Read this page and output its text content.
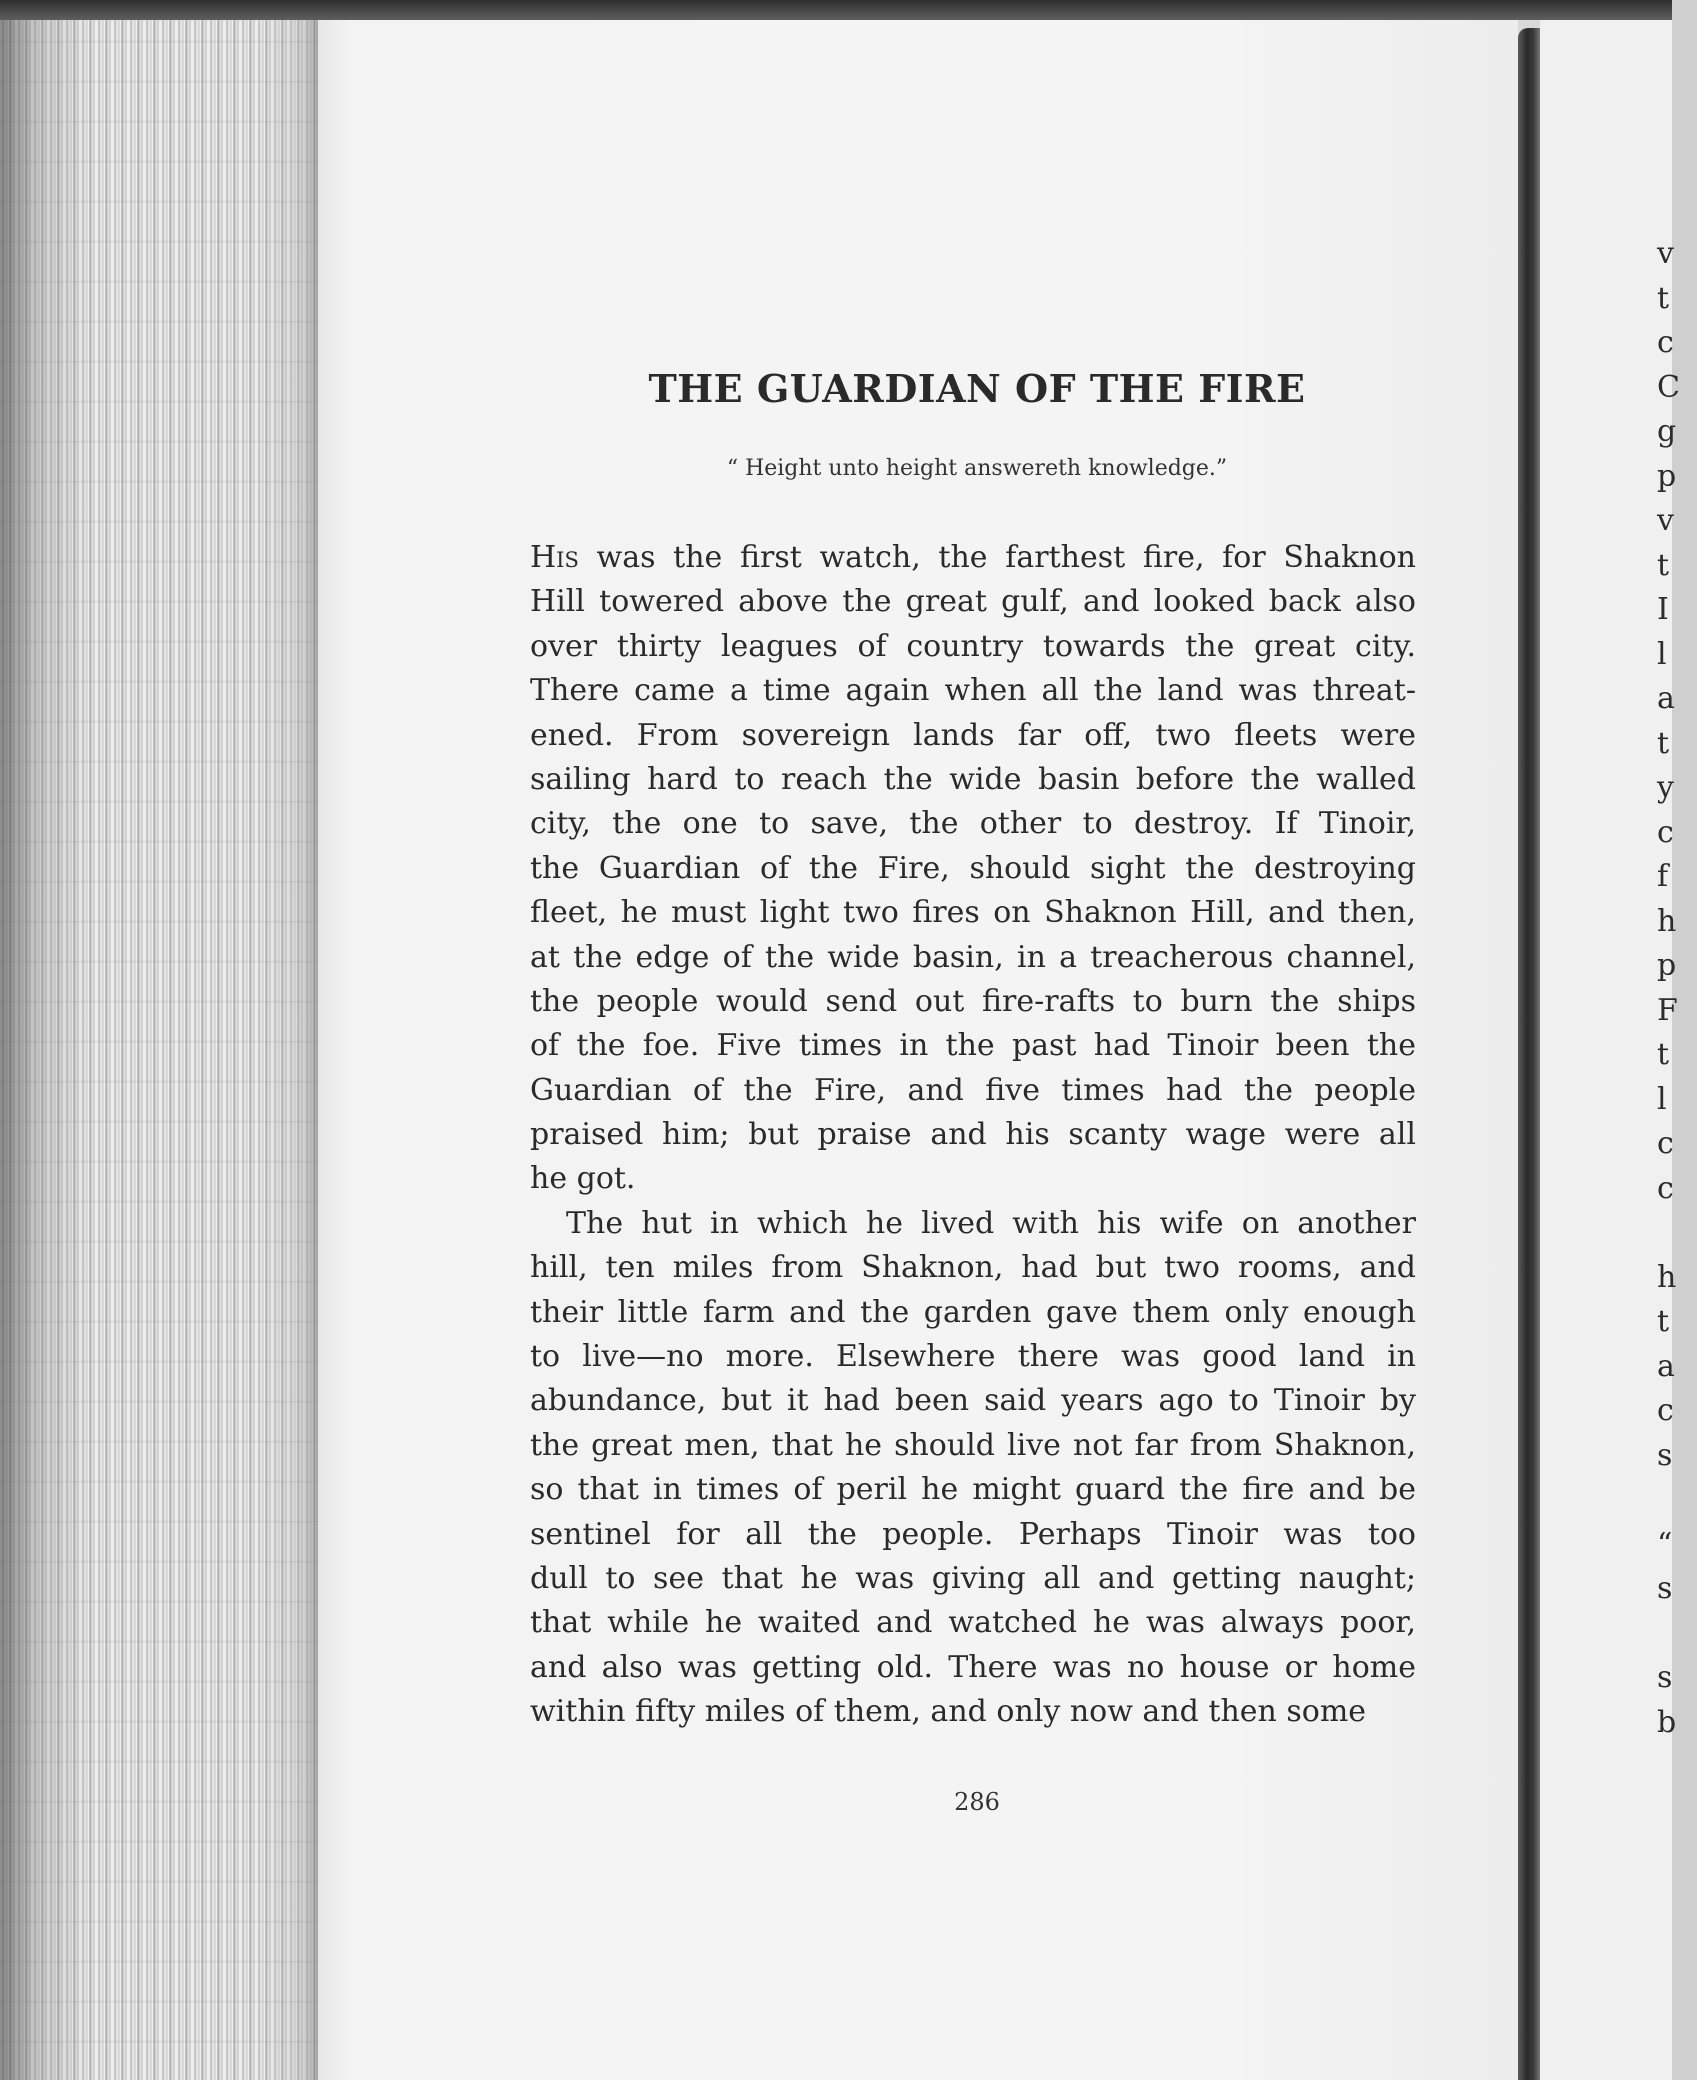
v
t
c
C
g
p
v
t
I
l
a
t
y
c
f
h
p
F
t
l
c
c
h
t
a
c
s
“
s
s
b
THE GUARDIAN OF THE FIRE
“ Height unto height answereth knowledge.”

His was the first watch, the farthest fire, for Shaknon
Hill towered above the great gulf, and looked back also
over thirty leagues of country towards the great city.
There came a time again when all the land was threat-
ened. From sovereign lands far off, two fleets were
sailing hard to reach the wide basin before the walled
city, the one to save, the other to destroy. If Tinoir,
the Guardian of the Fire, should sight the destroying
fleet, he must light two fires on Shaknon Hill, and then,
at the edge of the wide basin, in a treacherous channel,
the people would send out fire-rafts to burn the ships
of the foe. Five times in the past had Tinoir been the
Guardian of the Fire, and five times had the people
praised him; but praise and his scanty wage were all
he got.

The hut in which he lived with his wife on another
hill, ten miles from Shaknon, had but two rooms, and
their little farm and the garden gave them only enough
to live—no more. Elsewhere there was good land in
abundance, but it had been said years ago to Tinoir by
the great men, that he should live not far from Shaknon,
so that in times of peril he might guard the fire and be
sentinel for all the people. Perhaps Tinoir was too
dull to see that he was giving all and getting naught;
that while he waited and watched he was always poor,
and also was getting old. There was no house or home
within fifty miles of them, and only now and then some

286
